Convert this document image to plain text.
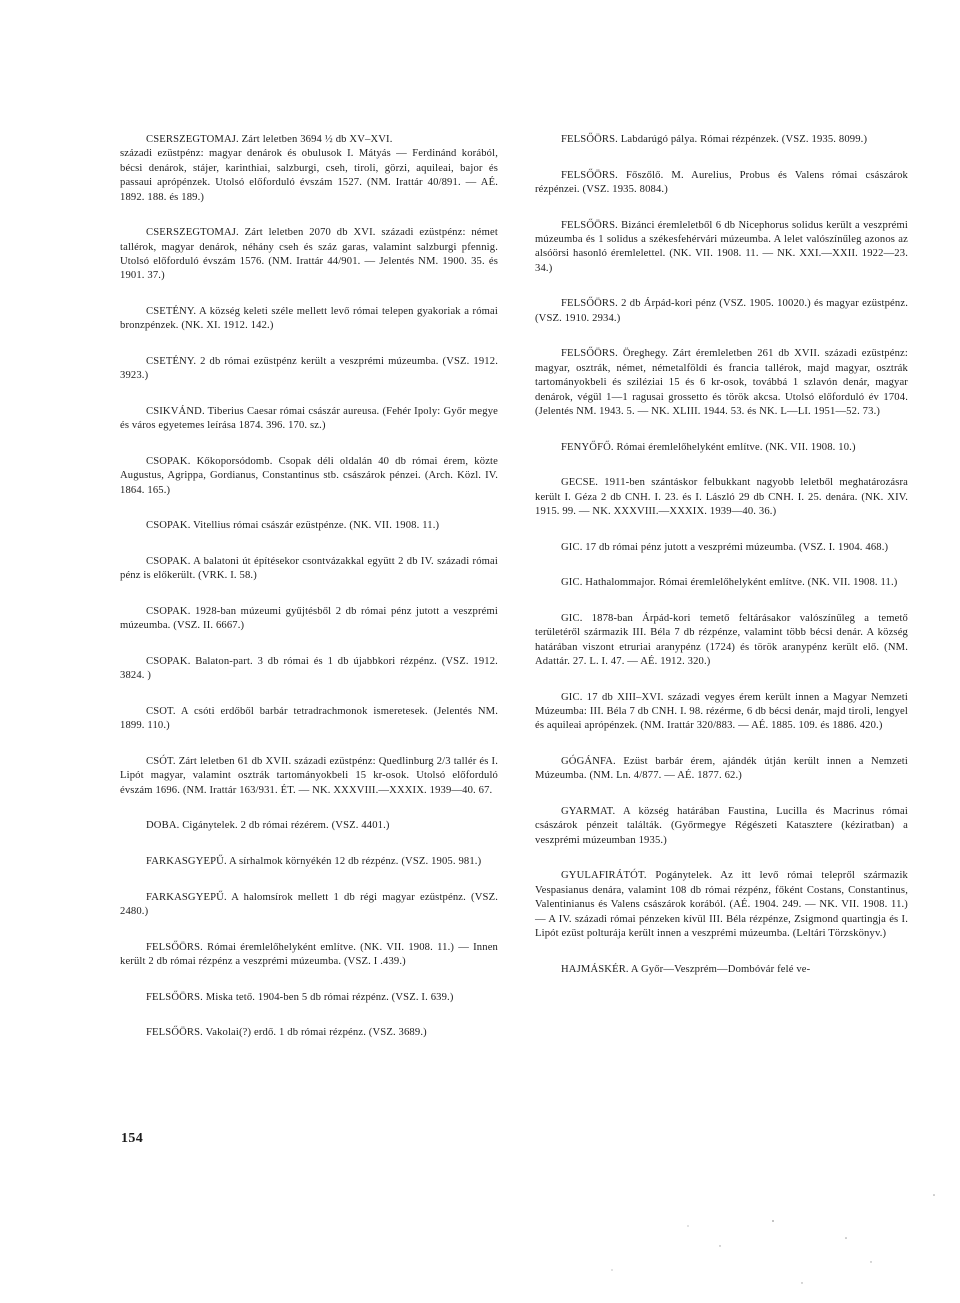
CSERSZEGTOMAJ. Zárt leletben 3694 ½ db XV–XVI.
századi ezüstpénz: magyar denárok és obulusok I. Mátyás — Ferdinánd korából, bécsi denárok, stájer, karinthiai, salzburgi, cseh, tiroli, görzi, aquileai, bajor és passaui aprópénzek. Utolsó előforduló évszám 1527. (NM. Irattár 40/891. — AÉ. 1892. 188. és 189.)
CSERSZEGTOMAJ. Zárt leletben 2070 db XVI. századi ezüstpénz: német tallérok, magyar denárok, néhány cseh és száz garas, valamint salzburgi pfennig. Utolsó előforduló évszám 1576. (NM. Irattár 44/901. — Jelentés NM. 1900. 35. és 1901. 37.)
CSETÉNY. A község keleti széle mellett levő római telepen gyakoriak a római bronzpénzek. (NK. XI. 1912. 142.)
CSETÉNY. 2 db római ezüstpénz került a veszprémi múzeumba. (VSZ. 1912. 3923.)
CSIKVÁND. Tiberius Caesar római császár aureusa. (Fehér Ipoly: Győr megye és város egyetemes leírása 1874. 396. 170. sz.)
CSOPAK. Kőkoporsódomb. Csopak déli oldalán 40 db római érem, közte Augustus, Agrippa, Gordianus, Constantinus stb. császárok pénzei. (Arch. Közl. IV. 1864. 165.)
CSOPAK. Vitellius római császár ezüstpénze. (NK. VII. 1908. 11.)
CSOPAK. A balatoni út építésekor csontvázakkal együtt 2 db IV. századi római pénz is előkerült. (VRK. I. 58.)
CSOPAK. 1928-ban múzeumi gyűjtésből 2 db római pénz jutott a veszprémi múzeumba. (VSZ. II. 6667.)
CSOPAK. Balaton-part. 3 db római és 1 db újabbkori rézpénz. (VSZ. 1912. 3824. )
CSOT. A csóti erdőből barbár tetradrachmonok ismeretesek. (Jelentés NM. 1899. 110.)
CSÓT. Zárt leletben 61 db XVII. századi ezüstpénz: Quedlinburg 2/3 tallér és I. Lipót magyar, valamint osztrák tartományokbeli 15 kr-osok. Utolsó előforduló évszám 1696. (NM. Irattár 163/931. ÉT. — NK. XXXVIII.—XXXIX. 1939—40. 67.
DOBA. Cigánytelek. 2 db római rézérem. (VSZ. 4401.)
FARKASGYEPŰ. A sírhalmok környékén 12 db rézpénz. (VSZ. 1905. 981.)
FARKASGYEPŰ. A halomsírok mellett 1 db régi magyar ezüstpénz. (VSZ. 2480.)
FELSŐÖRS. Római éremlelőhelyként említve. (NK. VII. 1908. 11.) — Innen került 2 db római rézpénz a veszprémi múzeumba. (VSZ. I .439.)
FELSŐÖRS. Miska tető. 1904-ben 5 db római rézpénz. (VSZ. I. 639.)
FELSŐÖRS. Vakolai(?) erdő. 1 db római rézpénz. (VSZ. 3689.)
FELSŐÖRS. Labdarúgó pálya. Római rézpénzek. (VSZ. 1935. 8099.)
FELSŐÖRS. Főszőlő. M. Aurelius, Probus és Valens római császárok rézpénzei. (VSZ. 1935. 8084.)
FELSŐÖRS. Bizánci éremleletből 6 db Nicephorus solidus került a veszprémi múzeumba és 1 solidus a székesfehérvári múzeumba. A lelet valószínűleg azonos az alsóörsi hasonló éremlelettel. (NK. VII. 1908. 11. — NK. XXI.—XXII. 1922—23. 34.)
FELSŐÖRS. 2 db Árpád-kori pénz (VSZ. 1905. 10020.) és magyar ezüstpénz. (VSZ. 1910. 2934.)
FELSŐÖRS. Öreghegy. Zárt éremleletben 261 db XVII. századi ezüstpénz: magyar, osztrák, német, németalföldi és francia tallérok, majd magyar, osztrák tartományokbeli és sziléziai 15 és 6 kr-osok, továbbá 1 szlavón denár, magyar denárok, végül 1—1 ragusai grossetto és török akcsa. Utolsó előforduló év 1704. (Jelentés NM. 1943. 5. — NK. XLIII. 1944. 53. és NK. L—LI. 1951—52. 73.)
FENYŐFŐ. Római éremlelőhelyként említve. (NK. VII. 1908. 10.)
GECSE. 1911-ben szántáskor felbukkant nagyobb leletből meghatározásra került I. Géza 2 db CNH. I. 23. és I. László 29 db CNH. I. 25. denára. (NK. XIV. 1915. 99. — NK. XXXVIII.—XXXIX. 1939—40. 36.)
GIC. 17 db római pénz jutott a veszprémi múzeumba. (VSZ. I. 1904. 468.)
GIC. Hathalommajor. Római éremlelőhelyként említve. (NK. VII. 1908. 11.)
GIC. 1878-ban Árpád-kori temető feltárásakor valószínűleg a temető területéről származik III. Béla 7 db rézpénze, valamint több bécsi denár. A község határában viszont etruriai aranypénz (1724) és török aranypénz került elő. (NM. Adattár. 27. L. I. 47. — AÉ. 1912. 320.)
GIC. 17 db XIII–XVI. századi vegyes érem került innen a Magyar Nemzeti Múzeumba: III. Béla 7 db CNH. I. 98. rézérme, 6 db bécsi denár, majd tiroli, lengyel és aquileai aprópénzek. (NM. Irattár 320/883. — AÉ. 1885. 109. és 1886. 420.)
GÓGÁNFA. Ezüst barbár érem, ajándék útján került innen a Nemzeti Múzeumba. (NM. Ln. 4/877. — AÉ. 1877. 62.)
GYARMAT. A község határában Faustina, Lucilla és Macrinus római császárok pénzeit találták. (Győrmegye Régészeti Katasztere (kéziratban) a veszprémi múzeumban 1935.)
GYULAFIRÁTÓT. Pogánytelek. Az itt levő római telepről származik Vespasianus denára, valamint 108 db római rézpénz, főként Costans, Constantinus, Valentinianus és Valens császárok korából. (AÉ. 1904. 249. — NK. VII. 1908. 11.) — A IV. századi római pénzeken kívül III. Béla rézpénze, Zsigmond quartingja és I. Lipót ezüst polturája került innen a veszprémi múzeumba. (Leltári Törzskönyv.)
HAJMÁSKÉR. A Győr—Veszprém—Dombóvár felé ve-
154
